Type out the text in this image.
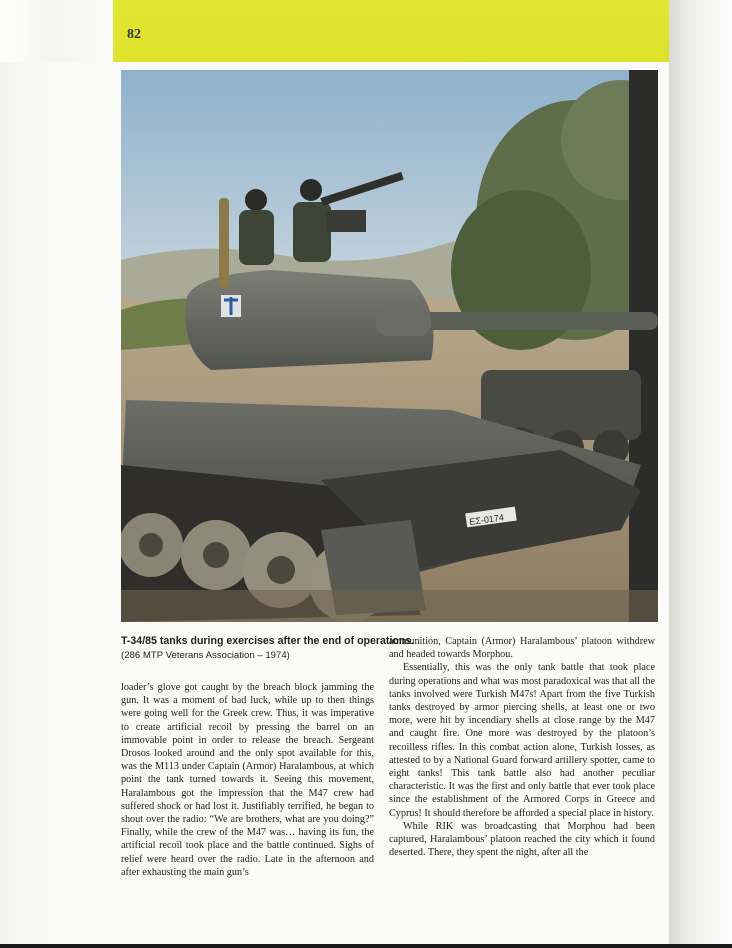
82
ΕΣ-0174
T-34/85 tanks during exercises after the end of operations.
(286 MTP Veterans Association – 1974)

loader’s glove got caught by the breach block jamming the gun. It was a moment of bad luck, while up to then things were going well for the Greek crew. Thus, it was imperative to create artificial recoil by pressing the barrel on an immovable point in order to release the breach. Sergeant Drosos looked around and the only spot available for this, was the M113 under Captain (Armor) Haralambous, at which point the tank turned towards it. Seeing this movement, Haralambous got the impression that the M47 crew had suffered shock or had lost it. Justifiably terrified, he began to shout over the radio: “We are brothers, what are you doing?” Finally, while the crew of the M47 was… having its fun, the artificial recoil took place and the battle continued. Sighs of relief were heard over the radio. Late in the afternoon and after exhausting the main gun’s

ammunition, Captain (Armor) Haralambous’ platoon withdrew and headed towards Morphou.

Essentially, this was the only tank battle that took place during operations and what was most paradoxical was that all the tanks involved were Turkish M47s! Apart from the five Turkish tanks destroyed by armor piercing shells, at least one or two more, were hit by incendiary shells at close range by the M47 and caught fire. One more was destroyed by the platoon’s recoilless rifles. In this combat action alone, Turkish losses, as attested to by a National Guard forward artillery spotter, came to eight tanks! This tank battle also had another peculiar characteristic. It was the first and only battle that ever took place since the establishment of the Armored Corps in Greece and Cyprus! It should therefore be afforded a special place in history.

While RIK was broadcasting that Morphou had been captured, Haralambous’ platoon reached the city which it found deserted. There, they spent the night, after all the
